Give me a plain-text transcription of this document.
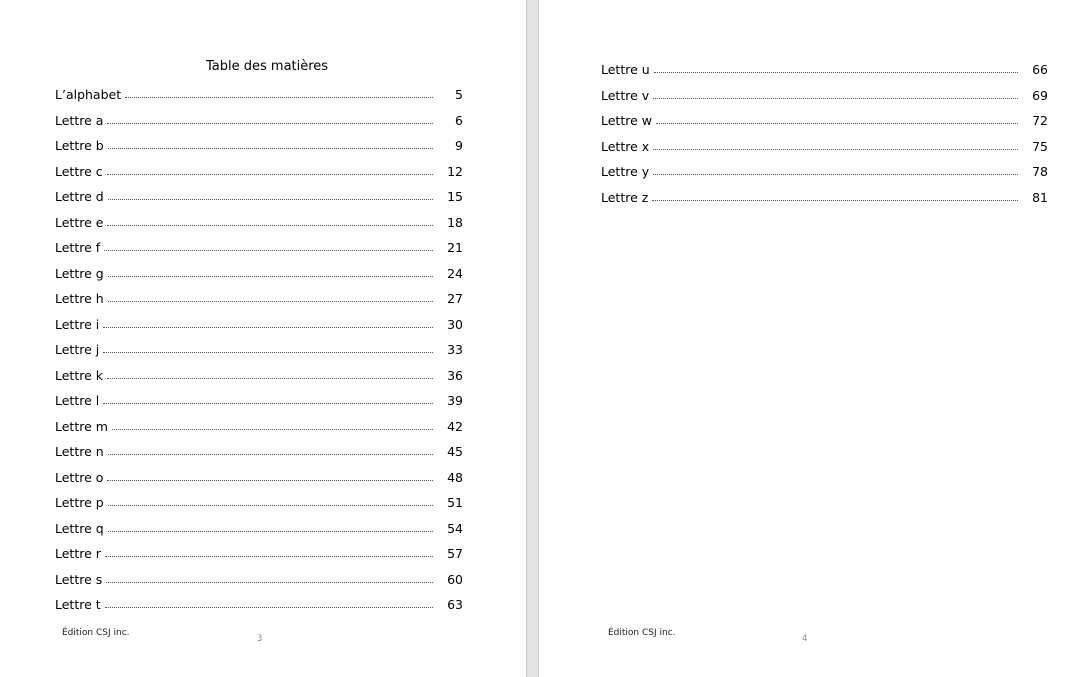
Table des matières
L’alphabet	5
Lettre a	6
Lettre b	9
Lettre c	12
Lettre d	15
Lettre e	18
Lettre f	21
Lettre g	24
Lettre h	27
Lettre i	30
Lettre j	33
Lettre k	36
Lettre l	39
Lettre m	42
Lettre n	45
Lettre o	48
Lettre p	51
Lettre q	54
Lettre r	57
Lettre s	60
Lettre t	63
Édition CSJ inc.
3
Lettre u	66
Lettre v	69
Lettre w	72
Lettre x	75
Lettre y	78
Lettre z	81
Édition CSJ inc.
4
